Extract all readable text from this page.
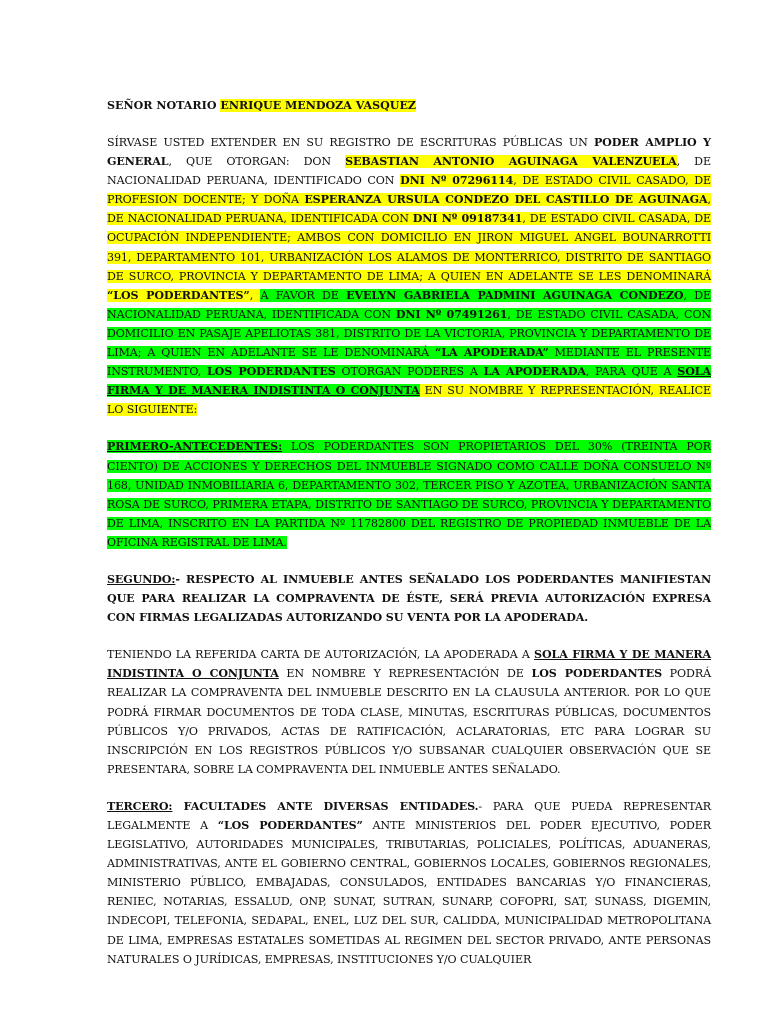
SEÑOR NOTARIO ENRIQUE MENDOZA VASQUEZ

SÍRVASE USTED EXTENDER EN SU REGISTRO DE ESCRITURAS PÚBLICAS UN PODER AMPLIO Y GENERAL, QUE OTORGAN: DON SEBASTIAN ANTONIO AGUINAGA VALENZUELA, DE NACIONALIDAD PERUANA, IDENTIFICADO CON DNI Nº 07296114, DE ESTADO CIVIL CASADO, DE PROFESION DOCENTE; Y DOÑA ESPERANZA URSULA CONDEZO DEL CASTILLO DE AGUINAGA, DE NACIONALIDAD PERUANA, IDENTIFICADA CON DNI Nº 09187341, DE ESTADO CIVIL CASADA, DE OCUPACIÓN INDEPENDIENTE; AMBOS CON DOMICILIO EN JIRON MIGUEL ANGEL BOUNARROTTI 391, DEPARTAMENTO 101, URBANIZACIÓN LOS ALAMOS DE MONTERRICO, DISTRITO DE SANTIAGO DE SURCO, PROVINCIA Y DEPARTAMENTO DE LIMA; A QUIEN EN ADELANTE SE LES DENOMINARÁ “LOS PODERDANTES”, A FAVOR DE EVELYN GABRIELA PADMINI AGUINAGA CONDEZO, DE NACIONALIDAD PERUANA, IDENTIFICADA CON DNI Nº 07491261, DE ESTADO CIVIL CASADA, CON DOMICILIO EN PASAJE APELIOTAS 381, DISTRITO DE LA VICTORIA, PROVINCIA Y DEPARTAMENTO DE LIMA; A QUIEN EN ADELANTE SE LE DENOMINARÁ “LA APODERADA” MEDIANTE EL PRESENTE INSTRUMENTO, LOS PODERDANTES OTORGAN PODERES A LA APODERADA, PARA QUE A SOLA FIRMA Y DE MANERA INDISTINTA O CONJUNTA EN SU NOMBRE Y REPRESENTACIÓN, REALICE LO SIGUIENTE:

PRIMERO-ANTECEDENTES: LOS PODERDANTES SON PROPIETARIOS DEL 30% (TREINTA POR CIENTO) DE ACCIONES Y DERECHOS DEL INMUEBLE SIGNADO COMO CALLE DOÑA CONSUELO Nº 168, UNIDAD INMOBILIARIA 6, DEPARTAMENTO 302, TERCER PISO Y AZOTEA, URBANIZACIÓN SANTA ROSA DE SURCO, PRIMERA ETAPA, DISTRITO DE SANTIAGO DE SURCO, PROVINCIA Y DEPARTAMENTO DE LIMA, INSCRITO EN LA PARTIDA Nº 11782800 DEL REGISTRO DE PROPIEDAD INMUEBLE DE LA OFICINA REGISTRAL DE LIMA.

SEGUNDO:- RESPECTO AL INMUEBLE ANTES SEÑALADO LOS PODERDANTES MANIFIESTAN QUE PARA REALIZAR LA COMPRAVENTA DE ÉSTE, SERÁ PREVIA AUTORIZACIÓN EXPRESA CON FIRMAS LEGALIZADAS AUTORIZANDO SU VENTA POR LA APODERADA.

TENIENDO LA REFERIDA CARTA DE AUTORIZACIÓN, LA APODERADA A SOLA FIRMA Y DE MANERA INDISTINTA O CONJUNTA EN NOMBRE Y REPRESENTACIÓN DE LOS PODERDANTES PODRÁ REALIZAR LA COMPRAVENTA DEL INMUEBLE DESCRITO EN LA CLAUSULA ANTERIOR. POR LO QUE PODRÁ FIRMAR DOCUMENTOS DE TODA CLASE, MINUTAS, ESCRITURAS PÚBLICAS, DOCUMENTOS PÚBLICOS Y/O PRIVADOS, ACTAS DE RATIFICACIÓN, ACLARATORIAS, ETC PARA LOGRAR SU INSCRIPCIÓN EN LOS REGISTROS PÚBLICOS Y/O SUBSANAR CUALQUIER OBSERVACIÓN QUE SE PRESENTARA, SOBRE LA COMPRAVENTA DEL INMUEBLE ANTES SEÑALADO.

TERCERO: FACULTADES ANTE DIVERSAS ENTIDADES.- PARA QUE PUEDA REPRESENTAR LEGALMENTE A “LOS PODERDANTES” ANTE MINISTERIOS DEL PODER EJECUTIVO, PODER LEGISLATIVO, AUTORIDADES MUNICIPALES, TRIBUTARIAS, POLICIALES, POLÍTICAS, ADUANERAS, ADMINISTRATIVAS, ANTE EL GOBIERNO CENTRAL, GOBIERNOS LOCALES, GOBIERNOS REGIONALES, MINISTERIO PÚBLICO, EMBAJADAS, CONSULADOS, ENTIDADES BANCARIAS Y/O FINANCIERAS, RENIEC, NOTARIAS, ESSALUD, ONP, SUNAT, SUTRAN, SUNARP, COFOPRI, SAT, SUNASS, DIGEMIN, INDECOPI, TELEFONIA, SEDAPAL, ENEL, LUZ DEL SUR, CALIDDA, MUNICIPALIDAD METROPOLITANA DE LIMA, EMPRESAS ESTATALES SOMETIDAS AL REGIMEN DEL SECTOR PRIVADO, ANTE PERSONAS NATURALES O JURÍDICAS, EMPRESAS, INSTITUCIONES Y/O CUALQUIER
